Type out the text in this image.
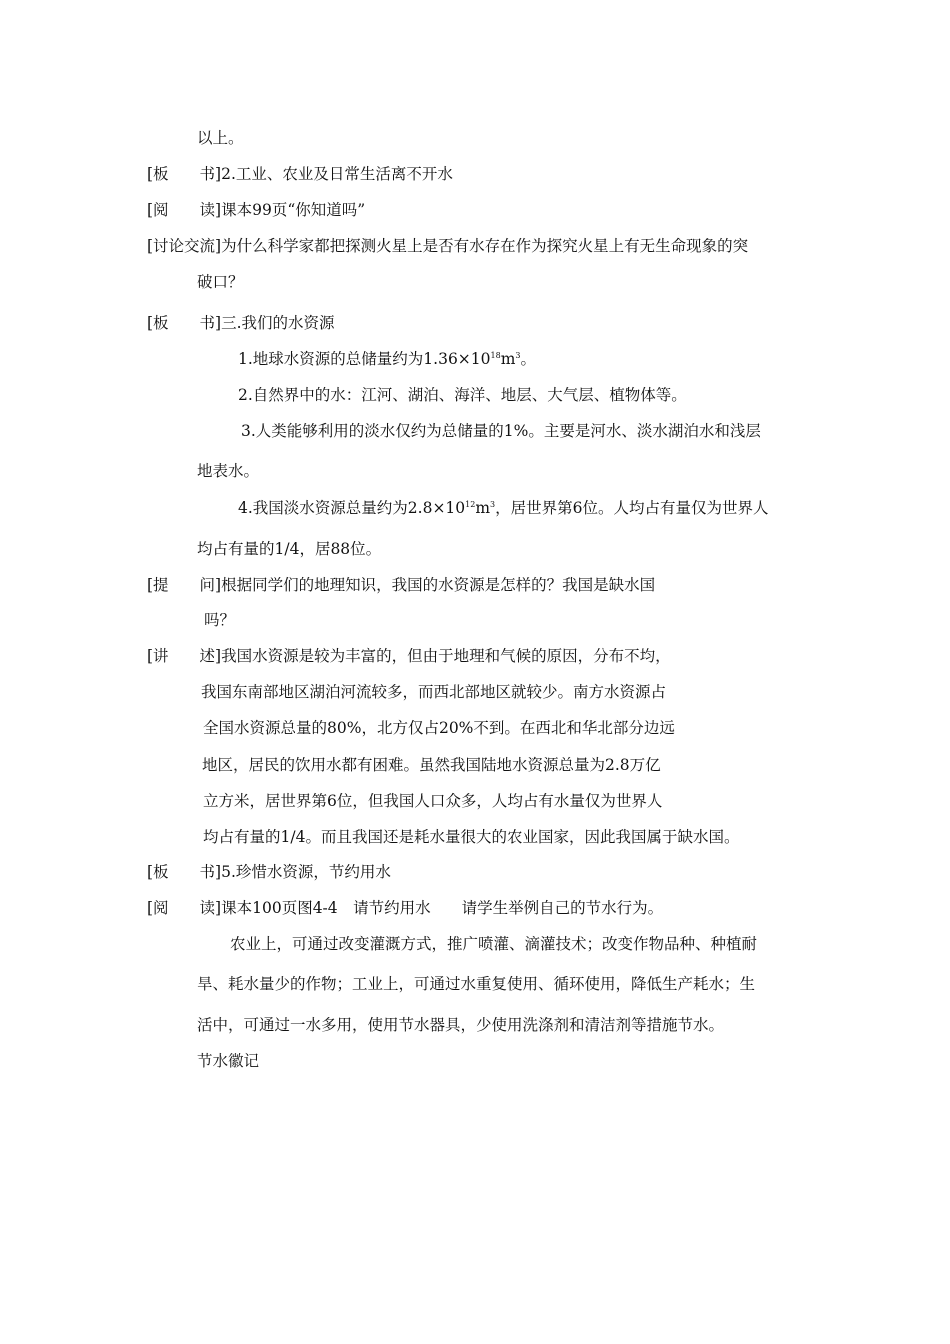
以上。
[板　　书]2.工业、农业及日常生活离不开水
[阅　　读]课本99页“你知道吗”
[讨论交流]为什么科学家都把探测火星上是否有水存在作为探究火星上有无生命现象的突
破口？
[板　　书]三.我们的水资源
1.地球水资源的总储量约为$1.36\times 10^{18}m^3$。
2.自然界中的水：江河、湖泊、海洋、地层、大气层、植物体等。
3.人类能够利用的淡水仅约为总储量的1%。主要是河水、淡水湖泊水和浅层
地表水。
4.我国淡水资源总量约为$2.8\times 10^{12}m^3$，居世界第6位。人均占有量仅为世界人
均占有量的1/4，居88位。
[提　　问]根据同学们的地理知识，我国的水资源是怎样的？我国是缺水国
吗？
[讲　　述]我国水资源是较为丰富的，但由于地理和气候的原因，分布不均，
我国东南部地区湖泊河流较多，而西北部地区就较少。南方水资源占
全国水资源总量的80%，北方仅占20%不到。在西北和华北部分边远
地区，居民的饮用水都有困难。虽然我国陆地水资源总量为2.8万亿
立方米，居世界第6位，但我国人口众多，人均占有水量仅为世界人
均占有量的1/4。而且我国还是耗水量很大的农业国家，因此我国属于缺水国。
[板　　书]5.珍惜水资源，节约用水
[阅　　读]课本100页图4-4　请节约用水　　请学生举例自己的节水行为。
农业上，可通过改变灌溉方式，推广喷灌、滴灌技术；改变作物品种、种植耐
旱、耗水量少的作物；工业上，可通过水重复使用、循环使用，降低生产耗水；生
活中，可通过一水多用，使用节水器具，少使用洗涤剂和清洁剂等措施节水。
节水徽记
